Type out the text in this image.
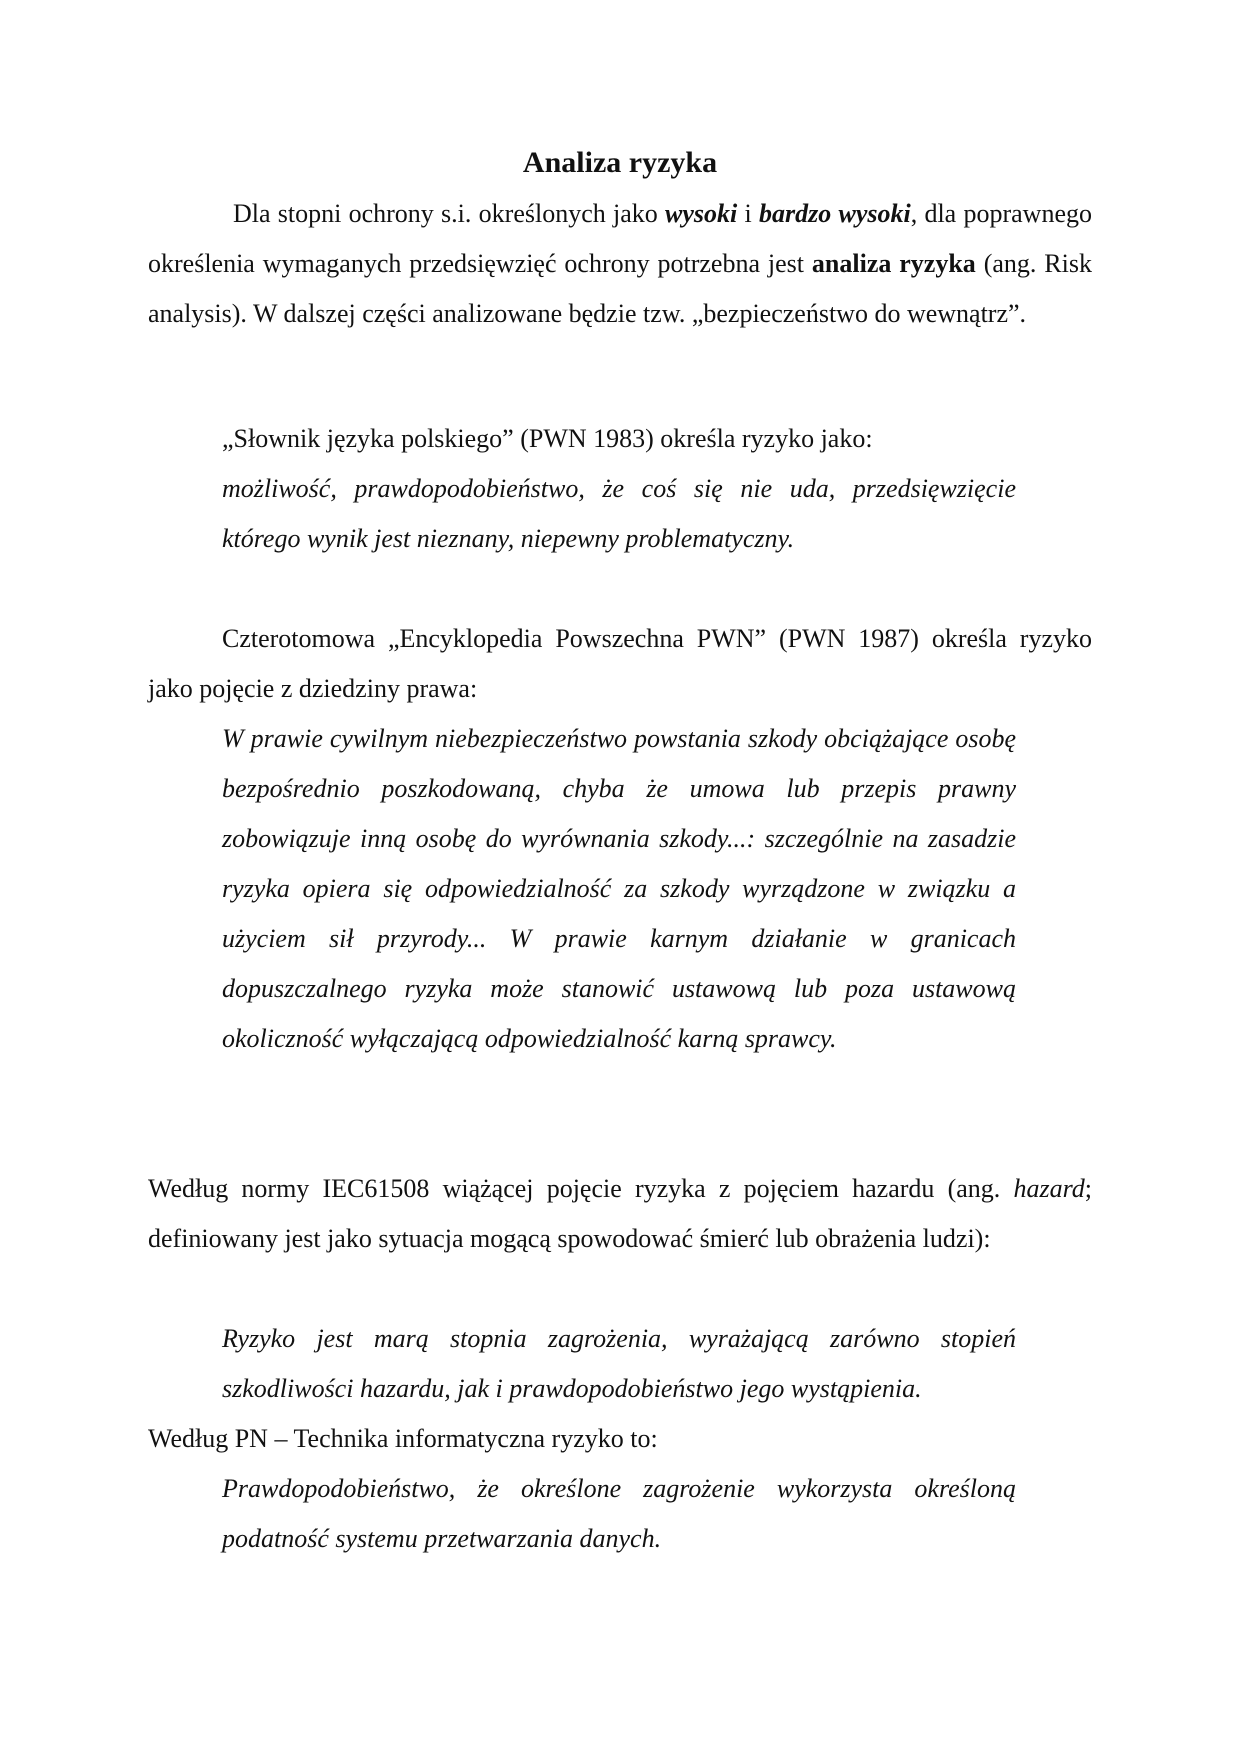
Analiza ryzyka

Dla stopni ochrony s.i. określonych jako wysoki i bardzo wysoki, dla poprawnego określenia wymaganych przedsięwzięć ochrony potrzebna jest analiza ryzyka (ang. Risk analysis). W dalszej części analizowane będzie tzw. „bezpieczeństwo do wewnątrz”.

„Słownik języka polskiego” (PWN 1983) określa ryzyko jako:

możliwość, prawdopodobieństwo, że coś się nie uda, przedsięwzięcie którego wynik jest nieznany, niepewny problematyczny.

Czterotomowa „Encyklopedia Powszechna PWN” (PWN 1987) określa ryzyko jako pojęcie z dziedziny prawa:

W prawie cywilnym niebezpieczeństwo powstania szkody obciążające osobę bezpośrednio poszkodowaną, chyba że umowa lub przepis prawny zobowiązuje inną osobę do wyrównania szkody...: szczególnie na zasadzie ryzyka opiera się odpowiedzialność za szkody wyrządzone w związku a użyciem sił przyrody... W prawie karnym działanie w granicach dopuszczalnego ryzyka może stanowić ustawową lub poza ustawową okoliczność wyłączającą odpowiedzialność karną sprawcy.

Według normy IEC61508 wiążącej pojęcie ryzyka z pojęciem hazardu (ang. hazard; definiowany jest jako sytuacja mogącą spowodować śmierć lub obrażenia ludzi):

Ryzyko jest marą stopnia zagrożenia, wyrażającą zarówno stopień szkodliwości hazardu, jak i prawdopodobieństwo jego wystąpienia.

Według PN – Technika informatyczna ryzyko to:

Prawdopodobieństwo, że określone zagrożenie wykorzysta określoną podatność systemu przetwarzania danych.
